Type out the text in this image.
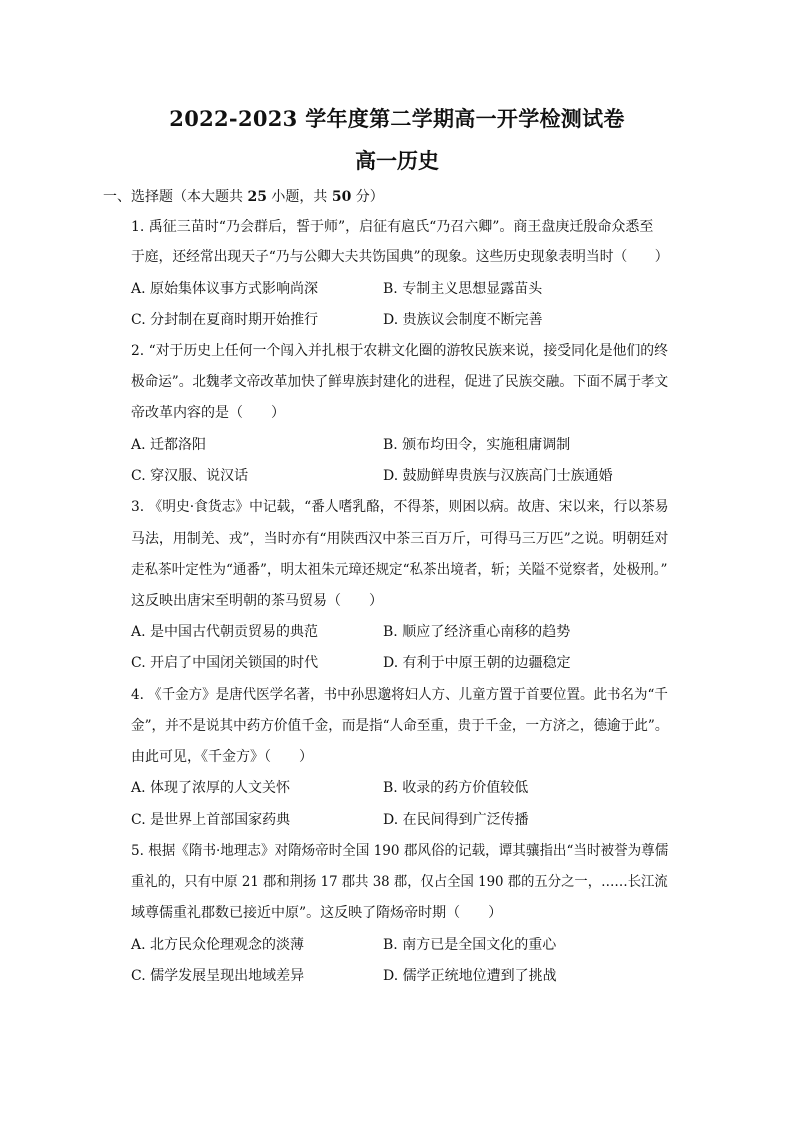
2022-2023 学年度第二学期高一开学检测试卷
高一历史
一、选择题（本大题共 25 小题，共 50 分）
1. 禹征三苗时“乃会群后，誓于师”，启征有扈氏“乃召六卿”。商王盘庚迁殷命众悉至
于庭，还经常出现天子“乃与公卿大夫共饬国典”的现象。这些历史现象表明当时（　　）
A. 原始集体议事方式影响尚深	B. 专制主义思想显露苗头
C. 分封制在夏商时期开始推行	D. 贵族议会制度不断完善
2. “对于历史上任何一个闯入并扎根于农耕文化圈的游牧民族来说，接受同化是他们的终
极命运”。北魏孝文帝改革加快了鲜卑族封建化的进程，促进了民族交融。下面不属于孝文
帝改革内容的是（　　）
A. 迁都洛阳	B. 颁布均田令，实施租庸调制
C. 穿汉服、说汉话	D. 鼓励鲜卑贵族与汉族高门士族通婚
3. 《明史·食货志》中记载，“番人嗜乳酪，不得茶，则困以病。故唐、宋以来，行以茶易
马法，用制羌、戎”，当时亦有“用陕西汉中茶三百万斤，可得马三万匹”之说。明朝廷对
走私茶叶定性为“通番”，明太祖朱元璋还规定“私茶出境者，斩；关隘不觉察者，处极刑。”
这反映出唐宋至明朝的茶马贸易（　　）
A. 是中国古代朝贡贸易的典范	B. 顺应了经济重心南移的趋势
C. 开启了中国闭关锁国的时代	D. 有利于中原王朝的边疆稳定
4. 《千金方》是唐代医学名著，书中孙思邈将妇人方、儿童方置于首要位置。此书名为“千
金”，并不是说其中药方价值千金，而是指“人命至重，贵于千金，一方济之，德逾于此”。
由此可见，《千金方》（　　）
A. 体现了浓厚的人文关怀	B. 收录的药方价值较低
C. 是世界上首部国家药典	D. 在民间得到广泛传播
5. 根据《隋书·地理志》对隋炀帝时全国 190 郡风俗的记载，谭其骧指出“当时被誉为尊儒
重礼的，只有中原 21 郡和荆扬 17 郡共 38 郡，仅占全国 190 郡的五分之一，……长江流
域尊儒重礼郡数已接近中原”。这反映了隋炀帝时期（　　）
A. 北方民众伦理观念的淡薄	B. 南方已是全国文化的重心
C. 儒学发展呈现出地域差异	D. 儒学正统地位遭到了挑战
